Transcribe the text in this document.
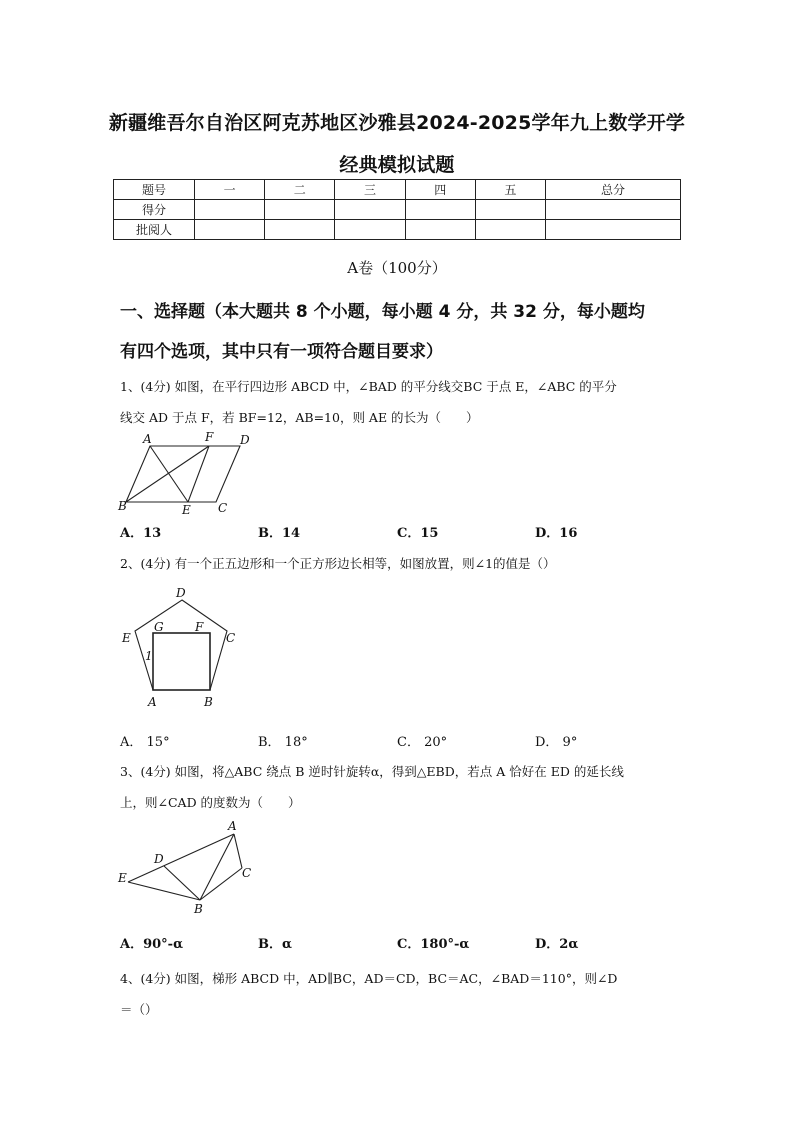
新疆维吾尔自治区阿克苏地区沙雅县2024-2025学年九上数学开学
经典模拟试题
题号	一	二	三	四	五	总分
得分						
批阅人						
A卷（100分）
一、选择题（本大题共 8 个小题，每小题 4 分，共 32 分，每小题均
有四个选项，其中只有一项符合题目要求）
1、(4分) 如图，在平行四边形 ABCD 中，∠BAD 的平分线交BC 于点 E，∠ABC 的平分
线交 AD 于点 F，若 BF=12，AB=10，则 AE 的长为（　　）
A	F D
B	E C
A．13	B．14	C．15	D．16
2、(4分) 有一个正五边形和一个正方形边长相等，如图放置，则∠1的值是（）
D
G	F
E	C
1
A	B
A． 15°	B． 18°	C． 20°	D． 9°
3、(4分) 如图，将△ABC 绕点 B 逆时针旋转α，得到△EBD，若点 A 恰好在 ED 的延长线
上，则∠CAD 的度数为（　　）
A
D
E	C
B
A．90°-α	B．α	C．180°-α	D．2α
4、(4分) 如图，梯形 ABCD 中，AD∥BC，AD＝CD，BC＝AC，∠BAD＝110°，则∠D
＝（）
